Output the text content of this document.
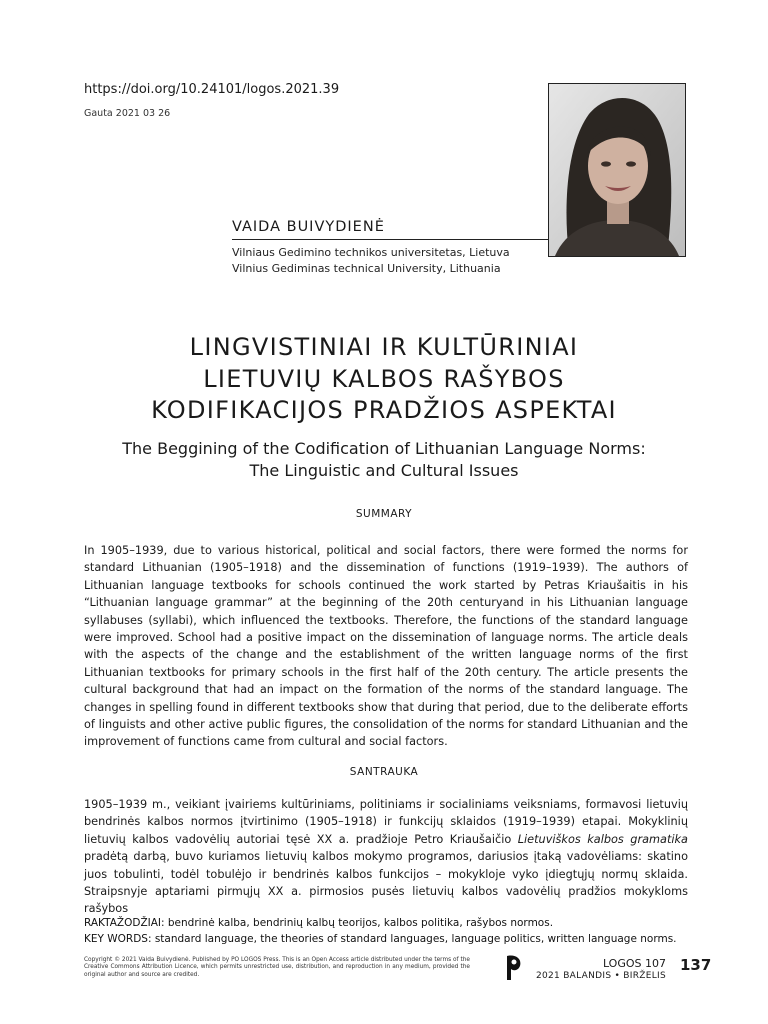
https://doi.org/10.24101/logos.2021.39
Gauta 2021 03 26
VAIDA BUIVYDIENĖ
Vilniaus Gedimino technikos universitetas, Lietuva
Vilnius Gediminas technical University, Lithuania
LINGVISTINIAI IR KULTŪRINIAI
LIETUVIŲ KALBOS RAŠYBOS
KODIFIKACIJOS PRADŽIOS ASPEKTAI
The Beggining of the Codification of Lithuanian Language Norms:
The Linguistic and Cultural Issues
SUMMARY
In 1905–1939, due to various historical, political and social factors, there were formed the norms for standard Lithuanian (1905–1918) and the dissemination of functions (1919–1939). The authors of Lithuanian language textbooks for schools continued the work started by Petras Kriaušaitis in his “Lithuanian language grammar” at the beginning of the 20th centuryand in his Lithuanian language syllabuses (syllabi), which influenced the textbooks. Therefore, the functions of the standard language were improved. School had a positive impact on the dissemination of language norms. The article deals with the aspects of the change and the establishment of the written language norms of the first Lithuanian textbooks for primary schools in the first half of the 20th century. The article presents the cultural background that had an impact on the formation of the norms of the standard language. The changes in spelling found in different textbooks show that during that period, due to the deliberate efforts of linguists and other active public figures, the consolidation of the norms for standard Lithuanian and the improvement of functions came from cultural and social factors.
SANTRAUKA
1905–1939 m., veikiant įvairiems kultūriniams, politiniams ir socialiniams veiksniams, formavosi lietuvių bendrinės kalbos normos įtvirtinimo (1905–1918) ir funkcijų sklaidos (1919–1939) etapai. Mokyklinių lietuvių kalbos vadovėlių autoriai tęsė XX a. pradžioje Petro Kriaušaičio Lietuviškos kalbos gramatika pradėtą darbą, buvo kuriamos lietuvių kalbos mokymo programos, dariusios įtaką vadovėliams: skatino juos tobulinti, todėl tobulėjo ir bendrinės kalbos funkcijos – mokykloje vyko įdiegtųjų normų sklaida. Straipsnyje aptariami pirmųjų XX a. pirmosios pusės lietuvių kalbos vadovėlių pradžios mokykloms rašybos
RAKTAŽODŽIAI: bendrinė kalba, bendrinių kalbų teorijos, kalbos politika, rašybos normos.
KEY WORDS: standard language, the theories of standard languages, language politics, written language norms.
Copyright © 2021 Vaida Buivydienė. Published by PO LOGOS Press. This is an Open Access article distributed under the terms of the Creative Commons Attribution Licence, which permits unrestricted use, distribution, and reproduction in any medium, provided the original author and source are credited.
LOGOS 107
2021 BALANDIS • BIRŽELIS
137
